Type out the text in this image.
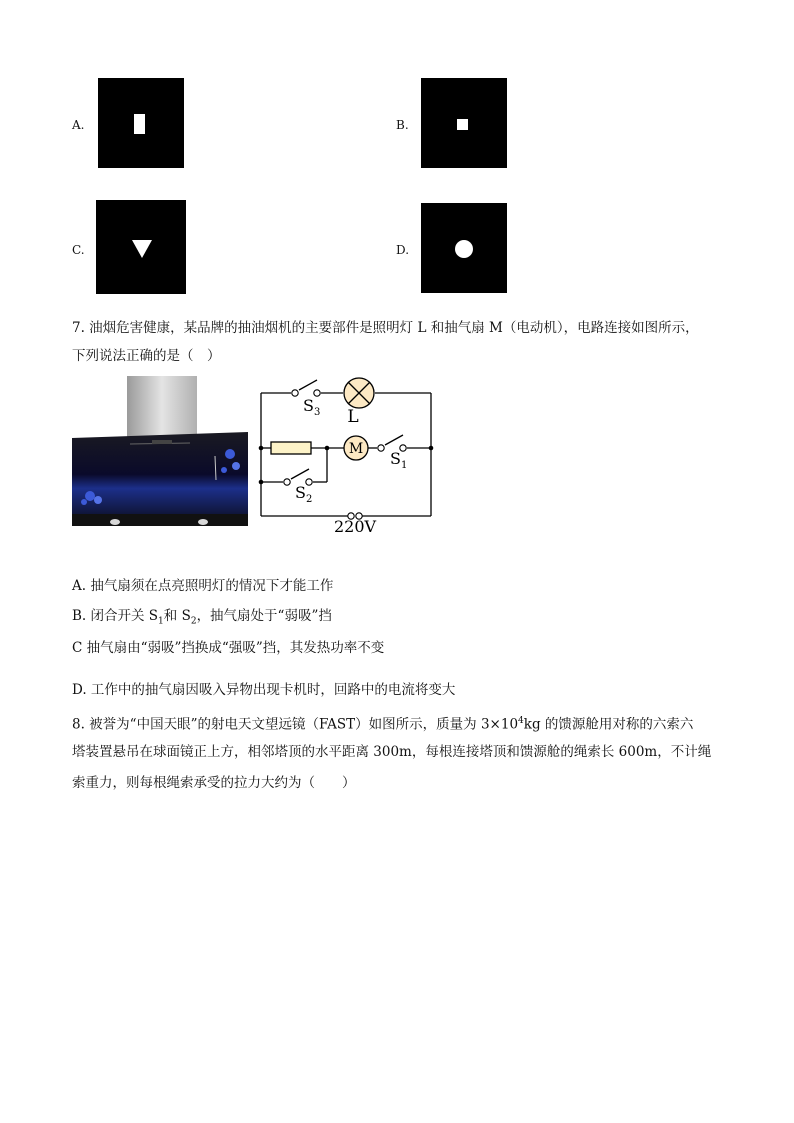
A.	B.
C.	D.
7. 油烟危害健康，某品牌的抽油烟机的主要部件是照明灯 L 和抽气扇 M（电动机），电路连接如图所示，
下列说法正确的是（　）
M
$S_3$ L
$S_1$
$S_2$
220V
A. 抽气扇须在点亮照明灯的情况下才能工作
B. 闭合开关 $S_1$和 $S_2$，抽气扇处于“弱吸”挡
C 抽气扇由“弱吸”挡换成“强吸”挡，其发热功率不变
D. 工作中的抽气扇因吸入异物出现卡机时，回路中的电流将变大
8. 被誉为“中国天眼”的射电天文望远镜（FAST）如图所示，质量为 $3\times 10^4kg$ 的馈源舱用对称的六索六
塔装置悬吊在球面镜正上方，相邻塔顶的水平距离 300m，每根连接塔顶和馈源舱的绳索长 600m，不计绳
索重力，则每根绳索承受的拉力大约为（　　）
